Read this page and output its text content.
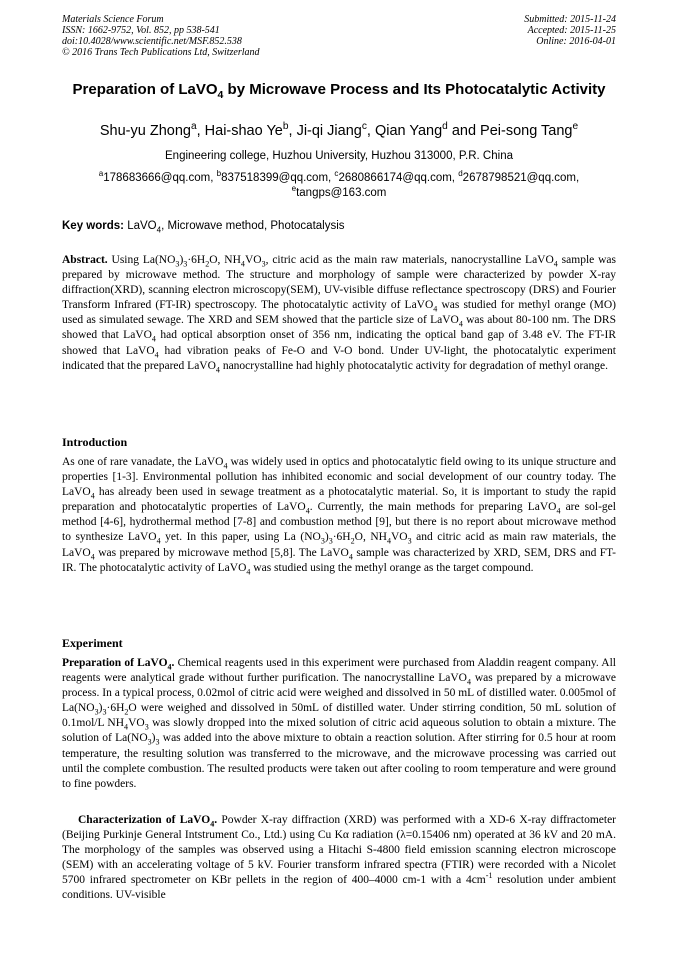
Materials Science Forum
ISSN: 1662-9752, Vol. 852, pp 538-541
doi:10.4028/www.scientific.net/MSF.852.538
© 2016 Trans Tech Publications Ltd, Switzerland
Submitted: 2015-11-24
Accepted: 2015-11-25
Online: 2016-04-01
Preparation of LaVO$_4$ by Microwave Process and Its Photocatalytic Activity
Shu-yu Zhong$^a$, Hai-shao Ye$^b$, Ji-qi Jiang$^c$, Qian Yang$^d$ and Pei-song Tang$^e$
Engineering college, Huzhou University, Huzhou 313000, P.R. China
$^a$178683666@qq.com, $^b$837518399@qq.com, $^c$2680866174@qq.com, $^d$2678798521@qq.com,
$^e$tangps@163.com
Key words: LaVO$_4$, Microwave method, Photocatalysis

Abstract. Using $La(NO_3)_3\cdot 6H_2O$, $NH_4VO_3$, citric acid as the main raw materials, nanocrystalline LaVO$_4$ sample was prepared by microwave method. The structure and morphology of sample were characterized by powder X-ray diffraction(XRD), scanning electron microscopy(SEM), UV-visible diffuse reflectance spectroscopy (DRS) and Fourier Transform Infrared (FT-IR) spectroscopy. The photocatalytic activity of LaVO$_4$ was studied for methyl orange (MO) used as simulated sewage. The XRD and SEM showed that the particle size of LaVO$_4$ was about 80-100 nm. The DRS showed that LaVO$_4$ had optical absorption onset of 356 nm, indicating the optical band gap of 3.48 eV. The FT-IR showed that LaVO$_4$ had vibration peaks of Fe-O and V-O bond. Under UV-light, the photocatalytic experiment indicated that the prepared LaVO$_4$ nanocrystalline had highly photocatalytic activity for degradation of methyl orange.

Introduction

As one of rare vanadate, the LaVO$_4$ was widely used in optics and photocatalytic field owing to its unique structure and properties [1-3]. Environmental pollution has inhibited economic and social development of our country today. The LaVO$_4$ has already been used in sewage treatment as a photocatalytic material. So, it is important to study the rapid preparation and photocatalytic properties of LaVO$_4$. Currently, the main methods for preparing LaVO$_4$ are sol-gel method [4-6], hydrothermal method [7-8] and combustion method [9], but there is no report about microwave method to synthesize LaVO$_4$ yet. In this paper, using La $(NO_3)_3\cdot 6H_2O$, $NH_4VO_3$ and citric acid as main raw materials, the LaVO$_4$ was prepared by microwave method [5,8]. The LaVO$_4$ sample was characterized by XRD, SEM, DRS and FT-IR. The photocatalytic activity of LaVO$_4$ was studied using the methyl orange as the target compound.

Experiment

Preparation of LaVO$_4$. Chemical reagents used in this experiment were purchased from Aladdin reagent company. All reagents were analytical grade without further purification. The nanocrystalline LaVO$_4$ was prepared by a microwave process. In a typical process, 0.02mol of citric acid were weighed and dissolved in 50 mL of distilled water. 0.005mol of $La(NO_3)_3\cdot 6H_2O$ were weighed and dissolved in 50mL of distilled water. Under stirring condition, 50 mL solution of 0.1mol/L $NH_4VO_3$ was slowly dropped into the mixed solution of citric acid aqueous solution to obtain a mixture. The solution of $La(NO_3)_3$ was added into the above mixture to obtain a reaction solution. After stirring for 0.5 hour at room temperature, the resulting solution was transferred to the microwave, and the microwave processing was carried out until the complete combustion. The resulted products were taken out after cooling to room temperature and were ground to fine powders.

Characterization of LaVO$_4$. Powder X-ray diffraction (XRD) was performed with a XD-6 X-ray diffractometer (Beijing Purkinje General Intstrument Co., Ltd.) using Cu Kα radiation (λ=0.15406 nm) operated at 36 kV and 20 mA. The morphology of the samples was observed using a Hitachi S-4800 field emission scanning electron microscope (SEM) with an accelerating voltage of 5 kV. Fourier transform infrared spectra (FTIR) were recorded with a Nicolet 5700 infrared spectrometer on KBr pellets in the region of 400–4000 cm-1 with a $4cm^{-1}$ resolution under ambient conditions. UV-visible
